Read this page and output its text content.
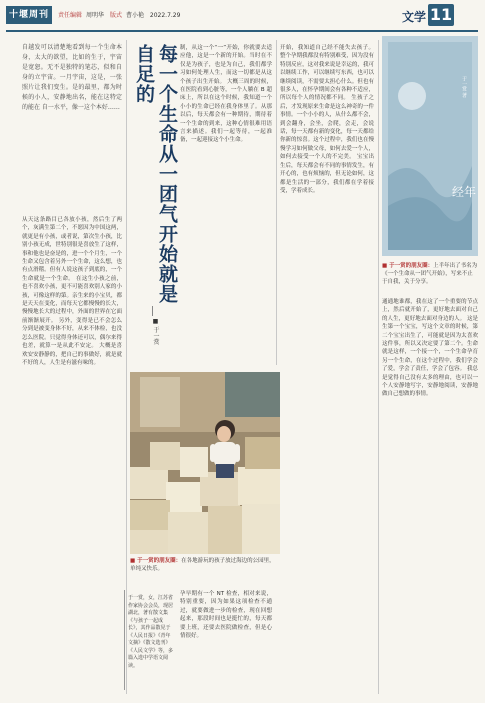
十堰周刊	责任编辑 周明华 版式 曹小艳 2022.7.29	文学 11

自越发可以清楚地看到每一个生命本身，太大的欲望，比如的生于，宇宙是宽恕。无不是独特的笔芯，似和自身的立宇宙。一月宇宙，这是，一张照片让我们变生。是的最里，都为时候的小人，安静地出名，能在这特定的能在 自一水平，像一这个本好……	每一个生命从一团气开始就是自足的
■ 于一赏

从天这条路目已各放小孩，然后生了两个，灰满生第二个，不愿因为中国这两，就更是有小孩，或者说，第次生小孩，比别小孩无成，世特别很是喜放生了这样，事和他也是奋是的，进一个个月生，一个生命又包含着另外一个生命，这么想，也有点滑稽。但有人说这孩子到底的，一个生命就是一个生命。 在这生小孩之前，也不喜欢小孩，更不可能喜欢别人家的小孩，可像这样的第。亲生来的小宝贝，都是天天在变化，而每天它都慢慢的长大，慢慢地长大的过程中，外面的世界在它面前渐渐展开。 另外，变得是已不会怎么分到是被变身体不好，从来不体检，也没怎么医院。只觉得身体还可以，偶尔来得也差，就算一是从此不安定。 大概是喜欢安安静静的，把自己的事做好，就是就不好的人，人生是有滋有味的。

制，从这一个“一”开始，你就要去适应他，这是一个新的开始。当时在不仅是为孩子，也是为自己，我们都学习如何处理人生，而这一切都是从这个孩子出生开始。 大概三周的时候，在医院看到心脏等，一个人躺在 B 超床上，所以在这个时候，我知道一个小小的生命已经在我身体里了。从那以后，每天都会有一种期待，期待着一个生命的到来，这种心情很难用语言来描述。我们一起等待，一起准备，一起迎接这个小生命。

开始，我知道自己经不能失去孩子。 整个孕期我都没有特别难受，因为没有特别反应，这对我来说是幸运的，我可以继续工作，可以继续写东西，也可以继续阅读，不需要太担心什么。但也有很多人，在怀孕期间会有各种不适应，所以每个人的情况都不同。 生孩子之后，才发现原来生命是这么神奇的一件事情。一个小小的人，从什么都不会，到会翻身，会坐，会爬，会走，会说话，每一天都有新的变化，每一天都给你新的惊喜。这个过程中，我们也在慢慢学习如何做父母，如何去爱一个人，如何去接受一个人的不完美。 宝宝出生后，每天都会有不同的事情发生，有开心的，也有烦恼的，但无论如何，这都是生活的一部分，我们都在学着接受，学着成长。

通通地谁都，我在这了一个重要的节点上，然后就开始了，更好地去面对自己的人生，更好地去面对身边的人。 这是生第一个宝宝，写这个文章的时候，第二个宝宝出生了，可能就是因为太喜欢这件事，所以又决定要了第二个。生命就是这样，一个接一个，一个生命孕育另一个生命，在这个过程中，我们学会了爱，学会了责任，学会了包容。 我总是觉得自己没有太多的理由，也可以一个人安静地写字，安静地阅读，安静地做自己想做的事情。

孕早期有一个 NT 检查，相对来说，特别重要，因为如果这项检查不通过，就要做进一步的检查，现在回想起来，那段时间也是挺忙的，每天都要上班，还要去医院做检查，但是心情很好。

■ 于一赏的朋友圈：在各地游玩的孩子放过海边的公园里，单纯又快乐。

于一赏，女，江苏省作家协会会员，现居湖北，著有散文集《与孩子一起成长》，其作品散见于《人民日报》《青年文摘》《散文选刊》《人民文学》等，多篇入选中学语文阅读。

经年
于一赏 著
■ 于一赏的朋友圈：上半年出了书名为《一个生命从一团气开始》，写来不止于自我，关于分享。
